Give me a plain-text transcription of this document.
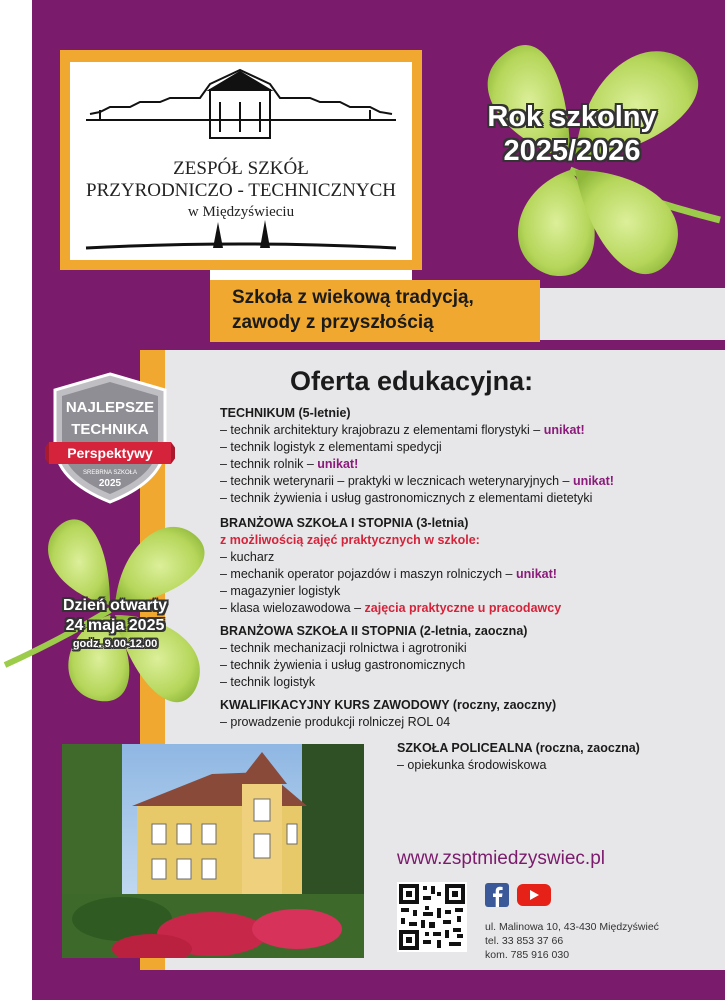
ZESPÓŁ SZKÓŁ
PRZYRODNICZO - TECHNICZNYCH
w Międzyświeciu
Rok szkolny
2025/2026
Szkoła z wiekową tradycją,
zawody z przyszłością
NAJLEPSZE
TECHNIKA
Perspektywy
SREBRNA SZKOŁA
2025
Dzień otwarty
24 maja 2025
godz. 9.00-12.00
Oferta edukacyjna:
TECHNIKUM (5-letnie)
– technik architektury krajobrazu z elementami florystyki – unikat!
– technik logistyk z elementami spedycji
– technik rolnik – unikat!
– technik weterynarii – praktyki w lecznicach weterynaryjnych – unikat!
– technik żywienia i usług gastronomicznych z elementami dietetyki
BRANŻOWA SZKOŁA I STOPNIA (3-letnia)
z możliwością zajęć praktycznych w szkole:
– kucharz
– mechanik operator pojazdów i maszyn rolniczych – unikat!
– magazynier logistyk
– klasa wielozawodowa – zajęcia praktyczne u pracodawcy
BRANŻOWA SZKOŁA II STOPNIA (2-letnia, zaoczna)
– technik mechanizacji rolnictwa i agrotroniki
– technik żywienia i usług gastronomicznych
– technik logistyk
KWALIFIKACYJNY KURS ZAWODOWY (roczny, zaoczny)
– prowadzenie produkcji rolniczej ROL 04
SZKOŁA POLICEALNA (roczna, zaoczna)
– opiekunka środowiskowa
www.zsptmiedzyswiec.pl
ul. Malinowa 10, 43-430 Międzyświeć
tel. 33 853 37 66
kom. 785 916 030
